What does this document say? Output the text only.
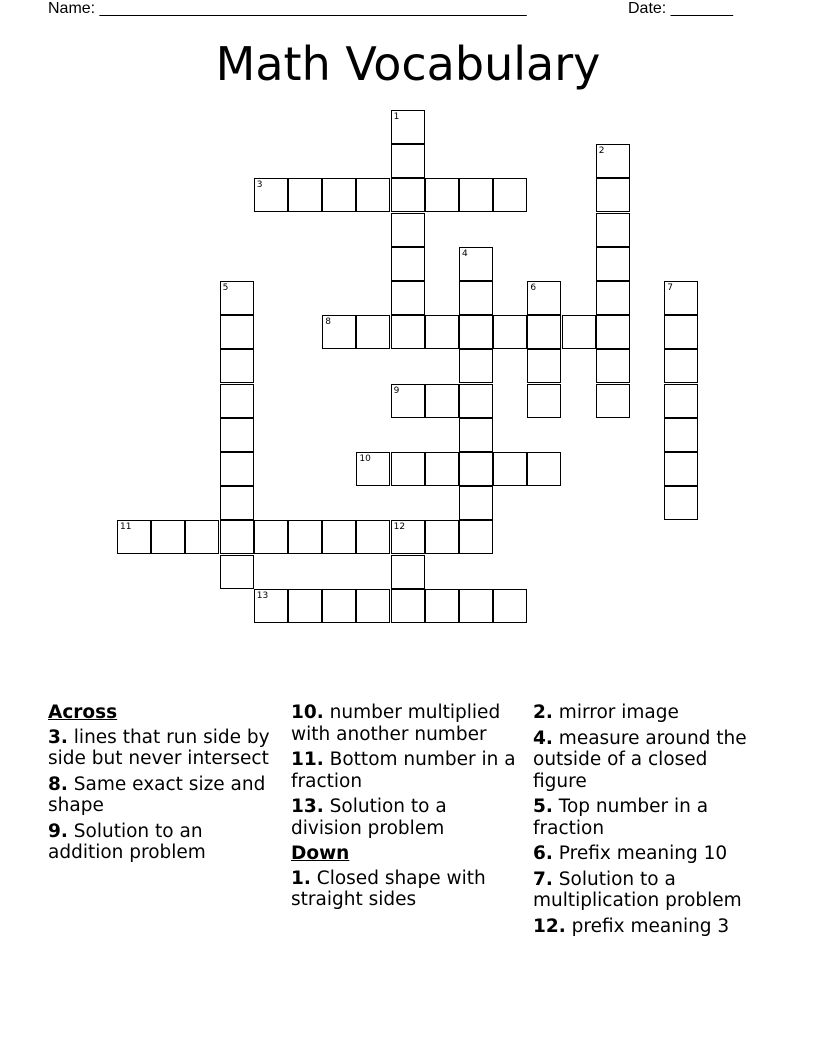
Name: ________________________________________________	Date: _______
Math Vocabulary
1
2
3
4
5	6	7
8
9
10
11	12
13
Across
3. lines that run side by side but never intersect
8. Same exact size and shape
9. Solution to an addition problem
10. number multiplied with another number
11. Bottom number in a fraction
13. Solution to a division problem
Down
1. Closed shape with straight sides
2. mirror image
4. measure around the outside of a closed figure
5. Top number in a fraction
6. Prefix meaning 10
7. Solution to a multiplication problem
12. prefix meaning 3
